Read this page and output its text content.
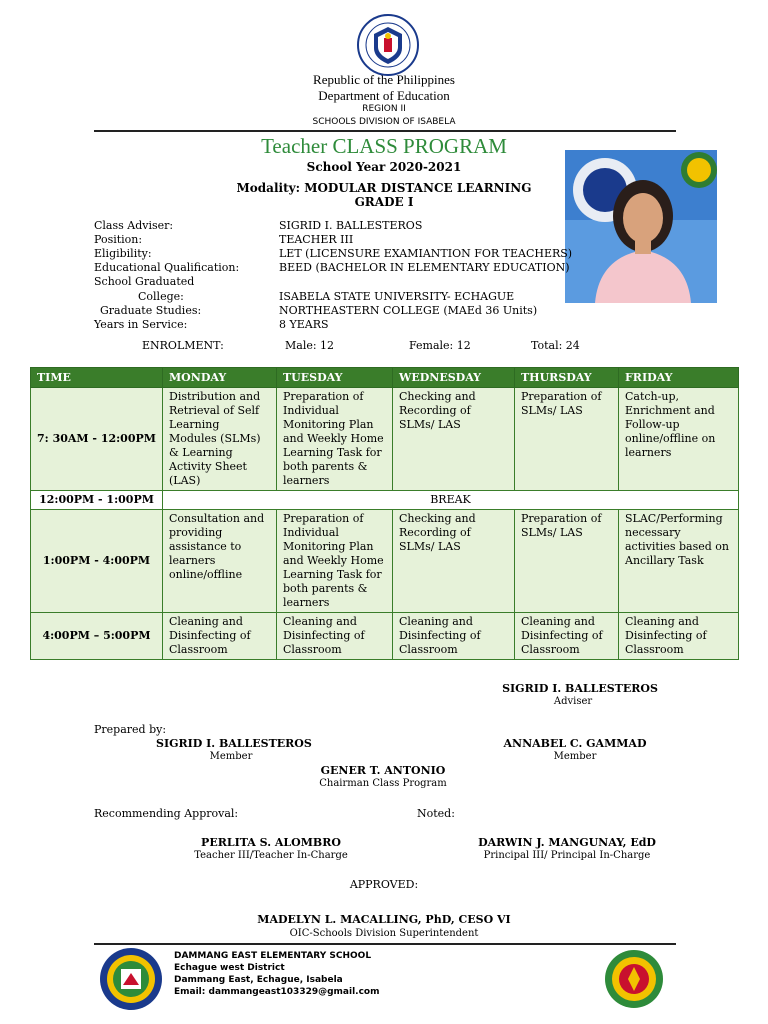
Republic of the Philippines
Department of Education
REGION II
SCHOOLS DIVISION OF ISABELA
Teacher CLASS PROGRAM
School Year 2020-2021
Modality: MODULAR DISTANCE LEARNING
GRADE I
Class Adviser:	SIGRID I. BALLESTEROS
Position:	TEACHER III
Eligibility:	LET (LICENSURE EXAMIANTION FOR TEACHERS)
Educational Qualification:	BEED (BACHELOR IN ELEMENTARY EDUCATION)
School Graduated
College:	ISABELA STATE UNIVERSITY- ECHAGUE
Graduate Studies:	NORTHEASTERN COLLEGE (MAEd 36 Units)
Years in Service:	8 YEARS
ENROLMENT:	Male: 12	Female: 12	Total: 24
TIME	MONDAY	TUESDAY	WEDNESDAY	THURSDAY	FRIDAY
7: 30AM - 12:00PM	Distribution and Retrieval of Self Learning Modules (SLMs) & Learning Activity Sheet (LAS)	Preparation of Individual Monitoring Plan and Weekly Home Learning Task for both parents & learners	Checking and Recording of SLMs/ LAS	Preparation of SLMs/ LAS	Catch-up, Enrichment and Follow-up online/offline on learners
12:00PM - 1:00PM	BREAK				
1:00PM - 4:00PM	Consultation and providing assistance to learners online/offline	Preparation of Individual Monitoring Plan and Weekly Home Learning Task for both parents & learners	Checking and Recording of SLMs/ LAS	Preparation of SLMs/ LAS	SLAC/Performing necessary activities based on Ancillary Task
4:00PM – 5:00PM	Cleaning and Disinfecting of Classroom	Cleaning and Disinfecting of Classroom	Cleaning and Disinfecting of Classroom	Cleaning and Disinfecting of Classroom	Cleaning and Disinfecting of Classroom
SIGRID I. BALLESTEROS
Adviser
Prepared by:
SIGRID I. BALLESTEROS
Member
ANNABEL C. GAMMAD
Member
GENER T. ANTONIO
Chairman Class Program
Recommending Approval:	Noted:
PERLITA S. ALOMBRO
Teacher III/Teacher In-Charge
DARWIN J. MANGUNAY, EdD
Principal III/ Principal In-Charge
APPROVED:
MADELYN L. MACALLING, PhD, CESO VI
OIC-Schools Division Superintendent
DAMMANG EAST ELEMENTARY SCHOOL
Echague west District
Dammang East, Echague, Isabela
Email: dammangeast103329@gmail.com
